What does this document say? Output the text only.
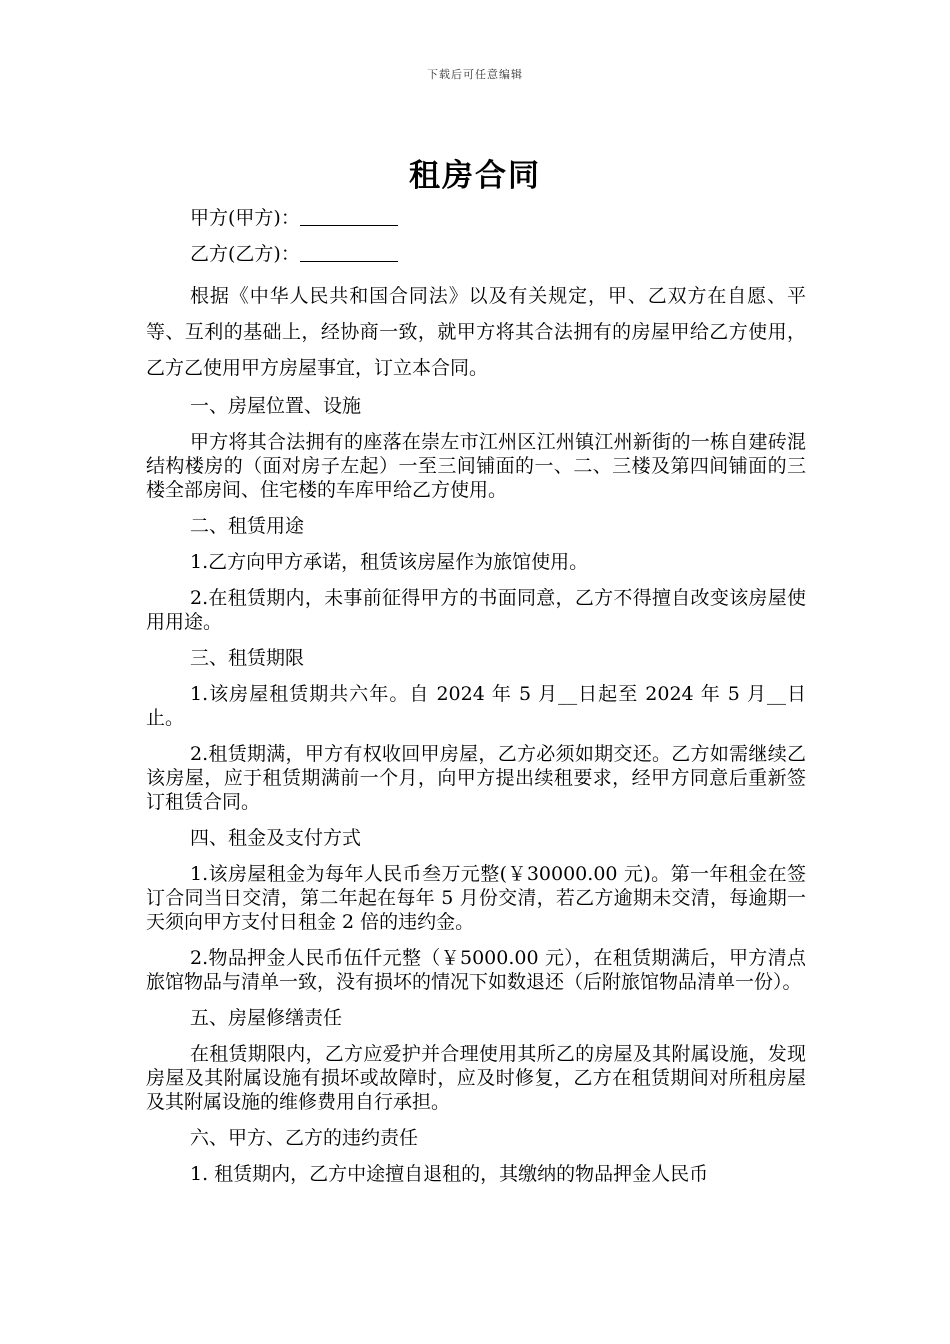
下载后可任意编辑
租房合同

甲方(甲方)：

乙方(乙方)：

根据《中华人民共和国合同法》以及有关规定，甲、乙双方在自愿、平等、互利的基础上，经协商一致，就甲方将其合法拥有的房屋甲给乙方使用，乙方乙使用甲方房屋事宜，订立本合同。

一、房屋位置、设施

甲方将其合法拥有的座落在崇左市江州区江州镇江州新街的一栋自建砖混结构楼房的（面对房子左起）一至三间铺面的一、二、三楼及第四间铺面的三楼全部房间、住宅楼的车库甲给乙方使用。

二、租赁用途

1.乙方向甲方承诺，租赁该房屋作为旅馆使用。

2.在租赁期内，未事前征得甲方的书面同意，乙方不得擅自改变该房屋使用用途。

三、租赁期限

1.该房屋租赁期共六年。自 2024 年 5 月__日起至 2024 年 5 月__日止。

2.租赁期满，甲方有权收回甲房屋，乙方必须如期交还。乙方如需继续乙该房屋，应于租赁期满前一个月，向甲方提出续租要求，经甲方同意后重新签订租赁合同。

四、租金及支付方式

1.该房屋租金为每年人民币叁万元整(￥30000.00 元)。第一年租金在签订合同当日交清，第二年起在每年 5 月份交清，若乙方逾期未交清，每逾期一天须向甲方支付日租金 2 倍的违约金。

2.物品押金人民币伍仟元整（￥5000.00 元），在租赁期满后，甲方清点旅馆物品与清单一致，没有损坏的情况下如数退还（后附旅馆物品清单一份）。

五、房屋修缮责任

在租赁期限内，乙方应爱护并合理使用其所乙的房屋及其附属设施，发现房屋及其附属设施有损坏或故障时，应及时修复，乙方在租赁期间对所租房屋及其附属设施的维修费用自行承担。

六、甲方、乙方的违约责任

1. 租赁期内，乙方中途擅自退租的，其缴纳的物品押金人民币
